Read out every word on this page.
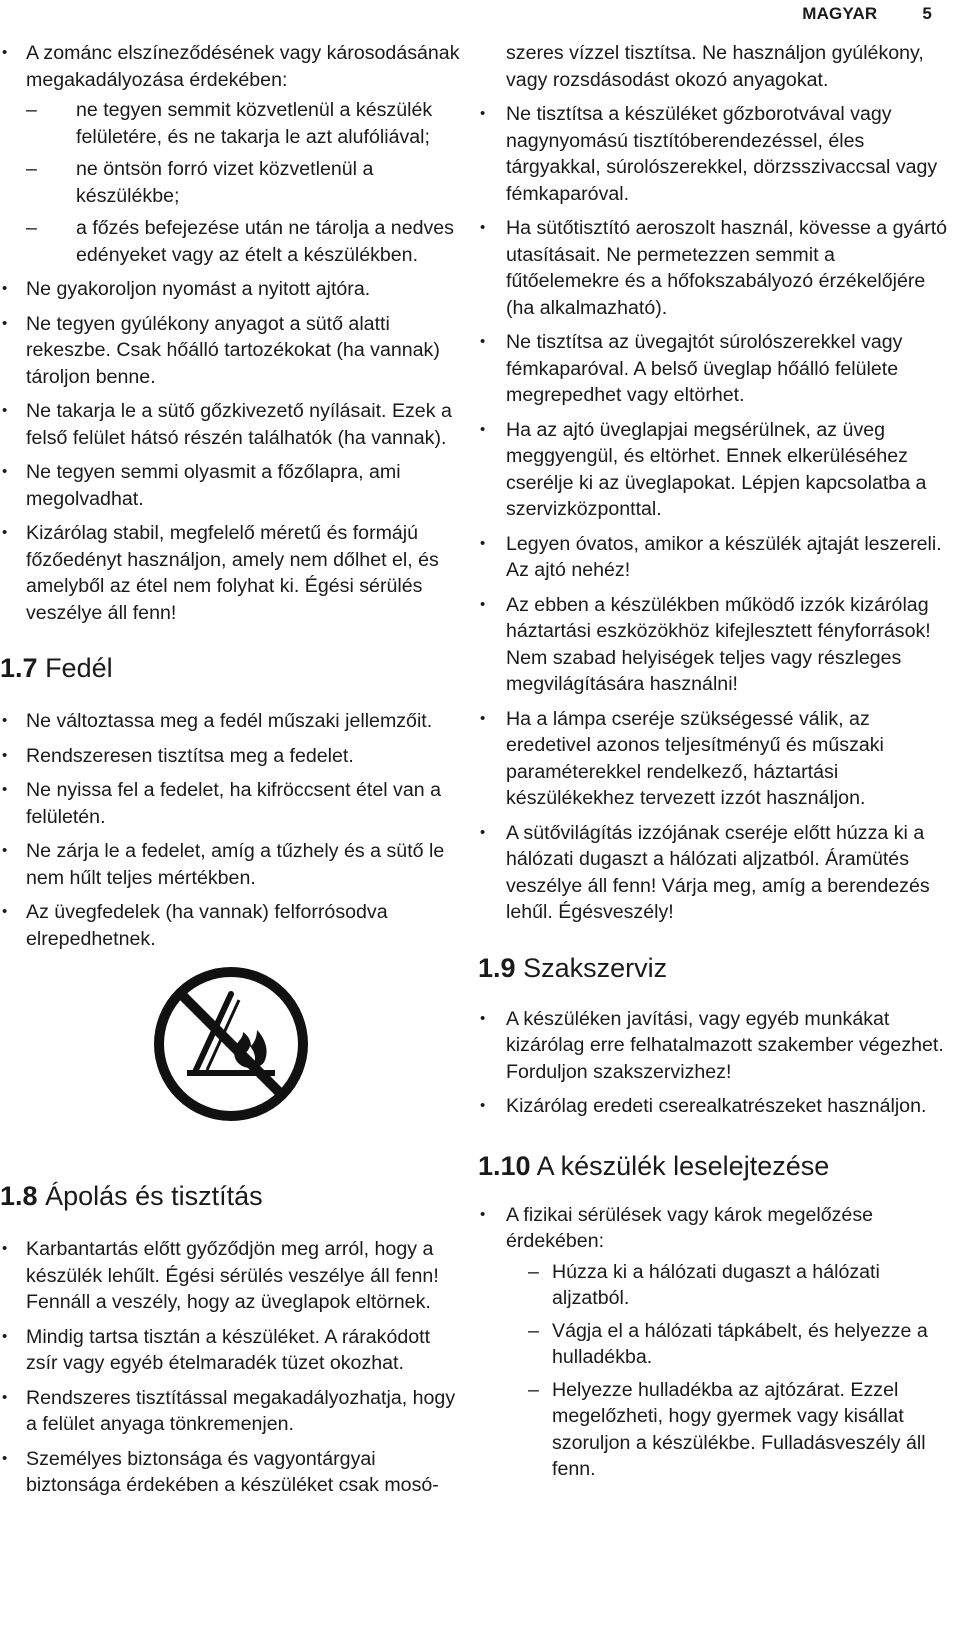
MAGYAR	5
• A zománc elszíneződésének vagy károsodásának megakadályozása érdekében:
– ne tegyen semmit közvetlenül a készülék felületére, és ne takarja le azt alufóliával;
– ne öntsön forró vizet közvetlenül a készülékbe;
– a főzés befejezése után ne tárolja a nedves edényeket vagy az ételt a készülékben.
• Ne gyakoroljon nyomást a nyitott ajtóra.
• Ne tegyen gyúlékony anyagot a sütő alatti rekeszbe. Csak hőálló tartozékokat (ha vannak) tároljon benne.
• Ne takarja le a sütő gőzkivezető nyílásait. Ezek a felső felület hátsó részén találhatók (ha vannak).
• Ne tegyen semmi olyasmit a főzőlapra, ami megolvadhat.
• Kizárólag stabil, megfelelő méretű és formájú főzőedényt használjon, amely nem dőlhet el, és amelyből az étel nem folyhat ki. Égési sérülés veszélye áll fenn!
1.7 Fedél
• Ne változtassa meg a fedél műszaki jellemzőit.
• Rendszeresen tisztítsa meg a fedelet.
• Ne nyissa fel a fedelet, ha kifröccsent étel van a felületén.
• Ne zárja le a fedelet, amíg a tűzhely és a sütő le nem hűlt teljes mértékben.
• Az üvegfedelek (ha vannak) felforrósodva elrepedhetnek.
1.8 Ápolás és tisztítás
• Karbantartás előtt győződjön meg arról, hogy a készülék lehűlt. Égési sérülés veszélye áll fenn! Fennáll a veszély, hogy az üveglapok eltörnek.
• Mindig tartsa tisztán a készüléket. A rárakódott zsír vagy egyéb ételmaradék tüzet okozhat.
• Rendszeres tisztítással megakadályozhatja, hogy a felület anyaga tönkremenjen.
• Személyes biztonsága és vagyontárgyai biztonsága érdekében a készüléket csak mosó-

szeres vízzel tisztítsa. Ne használjon gyúlékony, vagy rozsdásodást okozó anyagokat.

• Ne tisztítsa a készüléket gőzborotvával vagy nagynyomású tisztítóberendezéssel, éles tárgyakkal, súrolószerekkel, dörzsszivaccsal vagy fémkaparóval.
• Ha sütőtisztító aeroszolt használ, kövesse a gyártó utasításait. Ne permetezzen semmit a fűtőelemekre és a hőfokszabályozó érzékelőjére (ha alkalmazható).
• Ne tisztítsa az üvegajtót súrolószerekkel vagy fémkaparóval. A belső üveglap hőálló felülete megrepedhet vagy eltörhet.
• Ha az ajtó üveglapjai megsérülnek, az üveg meggyengül, és eltörhet. Ennek elkerüléséhez cserélje ki az üveglapokat. Lépjen kapcsolatba a szervizközponttal.
• Legyen óvatos, amikor a készülék ajtaját leszereli. Az ajtó nehéz!
• Az ebben a készülékben működő izzók kizárólag háztartási eszközökhöz kifejlesztett fényforrások! Nem szabad helyiségek teljes vagy részleges megvilágítására használni!
• Ha a lámpa cseréje szükségessé válik, az eredetivel azonos teljesítményű és műszaki paraméterekkel rendelkező, háztartási készülékekhez tervezett izzót használjon.
• A sütővilágítás izzójának cseréje előtt húzza ki a hálózati dugaszt a hálózati aljzatból. Áramütés veszélye áll fenn! Várja meg, amíg a berendezés lehűl. Égésveszély!
1.9 Szakszerviz
• A készüléken javítási, vagy egyéb munkákat kizárólag erre felhatalmazott szakember végezhet. Forduljon szakszervizhez!
• Kizárólag eredeti cserealkatrészeket használjon.
1.10 A készülék leselejtezése
• A fizikai sérülések vagy károk megelőzése érdekében:
– Húzza ki a hálózati dugaszt a hálózati aljzatból.
– Vágja el a hálózati tápkábelt, és helyezze a hulladékba.
– Helyezze hulladékba az ajtózárat. Ezzel megelőzheti, hogy gyermek vagy kisállat szoruljon a készülékbe. Fulladásveszély áll fenn.
